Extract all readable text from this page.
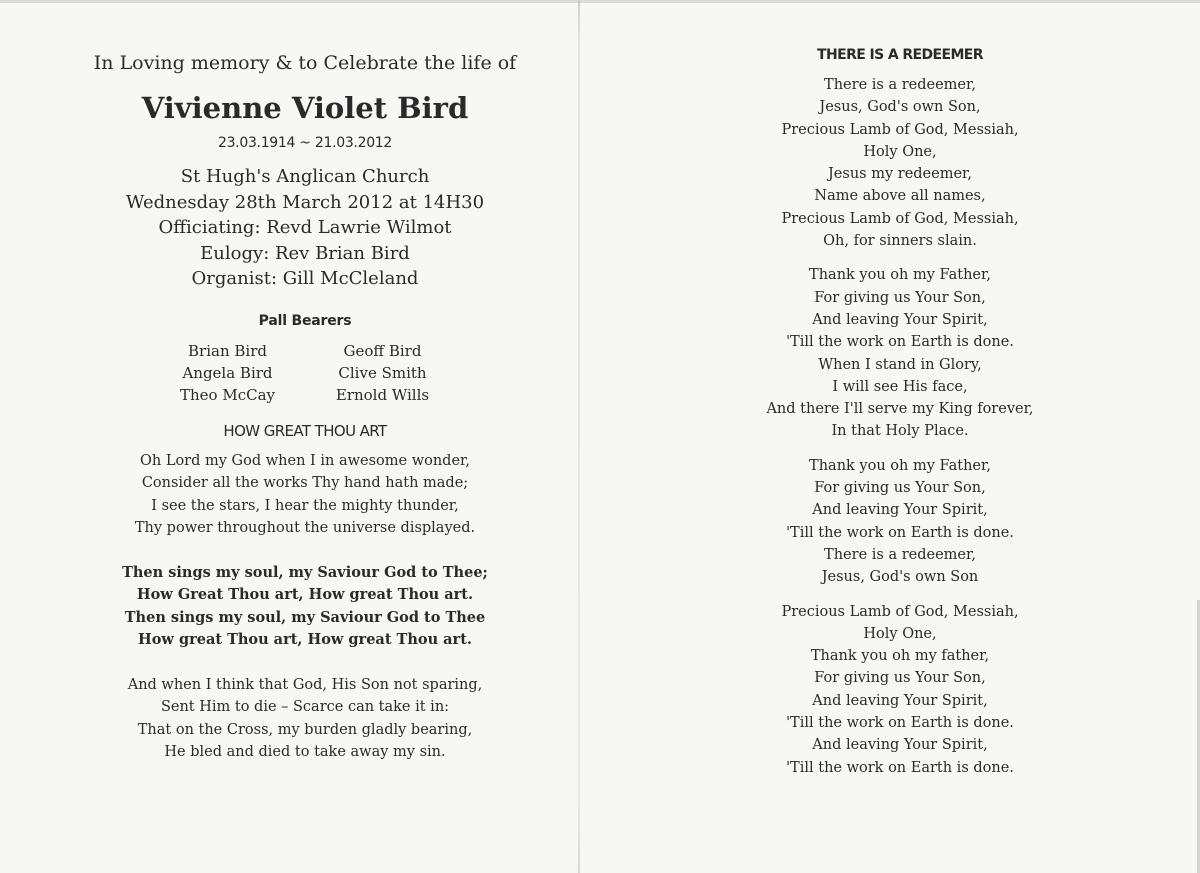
In Loving memory & to Celebrate the life of

Vivienne Violet Bird
23.03.1914 ~ 21.03.2012

St Hugh's Anglican Church

Wednesday 28th March 2012 at 14H30

Officiating: Revd Lawrie Wilmot

Eulogy: Rev Brian Bird

Organist: Gill McCleland

Pall Bearers
Brian Bird	Geoff Bird
Angela Bird	Clive Smith
Theo McCay	Ernold Wills
HOW GREAT THOU ART
Oh Lord my God when I in awesome wonder,
Consider all the works Thy hand hath made;
I see the stars, I hear the mighty thunder,
Thy power throughout the universe displayed.
Then sings my soul, my Saviour God to Thee;
How Great Thou art, How great Thou art.
Then sings my soul, my Saviour God to Thee
How great Thou art, How great Thou art.
And when I think that God, His Son not sparing,
Sent Him to die – Scarce can take it in:
That on the Cross, my burden gladly bearing,
He bled and died to take away my sin.
THERE IS A REDEEMER
There is a redeemer,
Jesus, God's own Son,
Precious Lamb of God, Messiah,
Holy One,
Jesus my redeemer,
Name above all names,
Precious Lamb of God, Messiah,
Oh, for sinners slain.
Thank you oh my Father,
For giving us Your Son,
And leaving Your Spirit,
'Till the work on Earth is done.
When I stand in Glory,
I will see His face,
And there I'll serve my King forever,
In that Holy Place.
Thank you oh my Father,
For giving us Your Son,
And leaving Your Spirit,
'Till the work on Earth is done.
There is a redeemer,
Jesus, God's own Son
Precious Lamb of God, Messiah,
Holy One,
Thank you oh my father,
For giving us Your Son,
And leaving Your Spirit,
'Till the work on Earth is done.
And leaving Your Spirit,
'Till the work on Earth is done.
